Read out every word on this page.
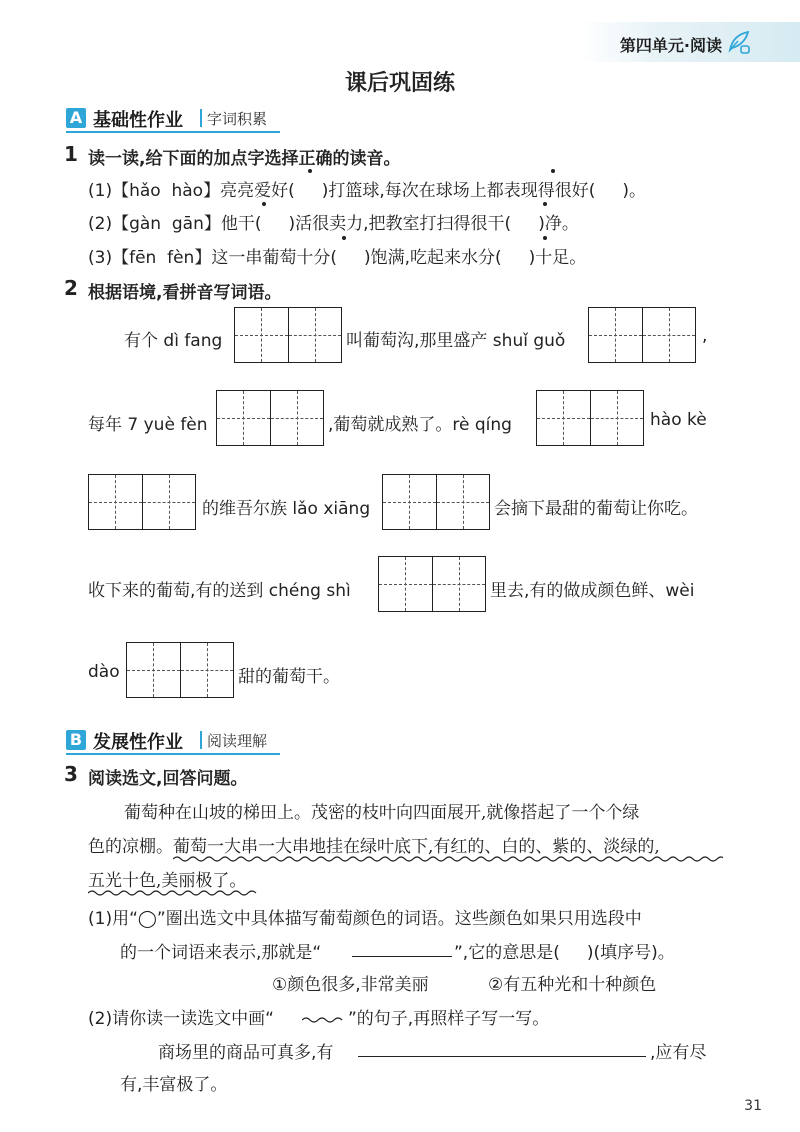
第四单元·阅读
课后巩固练
A 基础性作业 字词积累
1 读一读,给下面的加点字选择正确的读音。
(1)【hǎo  hào】亮亮爱好(     )打篮球,每次在球场上都表现得很好(     )。
(2)【gàn  gān】他干(     )活很卖力,把教室打扫得很干(     )净。
(3)【fēn  fèn】这一串葡萄十分(     )饱满,吃起来水分(     )十足。
2 根据语境,看拼音写词语。
有个 dì fang	叫葡萄沟,那里盛产 shuǐ guǒ	,
每年 7 yuè fèn	,葡萄就成熟了。rè qíng	hào kè
的维吾尔族 lǎo xiāng	会摘下最甜的葡萄让你吃。
收下来的葡萄,有的送到 chéng shì	里去,有的做成颜色鲜、wèi
dào	甜的葡萄干。
B 发展性作业 阅读理解
3 阅读选文,回答问题。
葡萄种在山坡的梯田上。茂密的枝叶向四面展开,就像搭起了一个个绿
色的凉棚。 葡萄一大串一大串地挂在绿叶底下,有红的、白的、紫的、淡绿的,
五光十色,美丽极了。
(1)用“◯”圈出选文中具体描写葡萄颜色的词语。这些颜色如果只用选段中
的一个词语来表示,那就是“	”,它的意思是(     )(填序号)。
①颜色很多,非常美丽	②有五种光和十种颜色
(2)请你读一读选文中画“	”的句子,再照样子写一写。
商场里的商品可真多,有	,应有尽
有,丰富极了。
31
